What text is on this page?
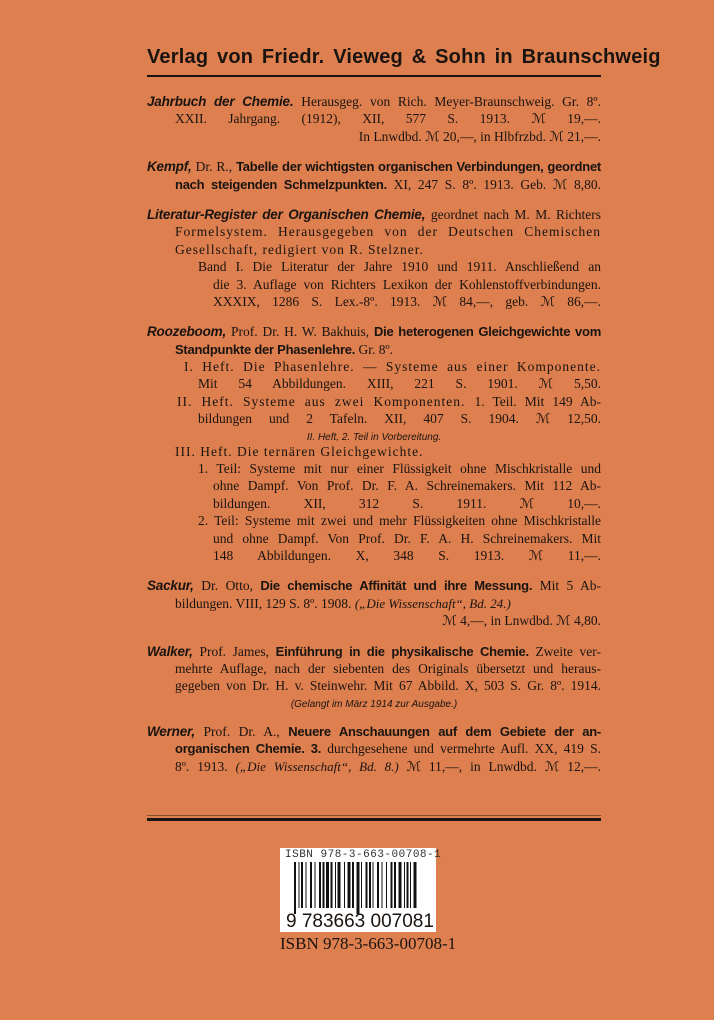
Verlag von Friedr. Vieweg & Sohn in Braunschweig
Jahrbuch der Chemie. Herausgeg. von Rich. Meyer-Braunschweig. Gr. 8º.
XXII. Jahrgang. (1912), XII, 577 S. 1913. ℳ 19,—.
In Lnwdbd. ℳ 20,—, in Hlbfrzbd. ℳ 21,—.
Kempf, Dr. R., Tabelle der wichtigsten organischen Verbindungen, geordnet
nach steigenden Schmelzpunkten. XI, 247 S. 8º. 1913. Geb. ℳ 8,80.
Literatur-Register der Organischen Chemie, geordnet nach M. M. Richters
Formelsystem. Herausgegeben von der Deutschen Chemischen
Gesellschaft, redigiert von R. Stelzner.
Band I. Die Literatur der Jahre 1910 und 1911. Anschließend an
die 3. Auflage von Richters Lexikon der Kohlenstoffverbindungen.
XXXIX, 1286 S. Lex.-8º. 1913. ℳ 84,—, geb. ℳ 86,—.
Roozeboom, Prof. Dr. H. W. Bakhuis, Die heterogenen Gleichgewichte vom
Standpunkte der Phasenlehre. Gr. 8º.
I. Heft. Die Phasenlehre. — Systeme aus einer Komponente.
Mit 54 Abbildungen. XIII, 221 S. 1901. ℳ 5,50.
II. Heft. Systeme aus zwei Komponenten. 1. Teil. Mit 149 Ab-
bildungen und 2 Tafeln. XII, 407 S. 1904. ℳ 12,50.
II. Heft, 2. Teil in Vorbereitung.
III. Heft. Die ternären Gleichgewichte.
1. Teil: Systeme mit nur einer Flüssigkeit ohne Mischkristalle und
ohne Dampf. Von Prof. Dr. F. A. Schreinemakers. Mit 112 Ab-
bildungen. XII, 312 S. 1911. ℳ 10,—.
2. Teil: Systeme mit zwei und mehr Flüssigkeiten ohne Mischkristalle
und ohne Dampf. Von Prof. Dr. F. A. H. Schreinemakers. Mit
148 Abbildungen. X, 348 S. 1913. ℳ 11,—.
Sackur, Dr. Otto, Die chemische Affinität und ihre Messung. Mit 5 Ab-
bildungen. VIII, 129 S. 8º. 1908. („Die Wissenschaft“, Bd. 24.)
ℳ 4,—, in Lnwdbd. ℳ 4,80.
Walker, Prof. James, Einführung in die physikalische Chemie. Zweite ver-
mehrte Auflage, nach der siebenten des Originals übersetzt und heraus-
gegeben von Dr. H. v. Steinwehr. Mit 67 Abbild. X, 503 S. Gr. 8º. 1914.
(Gelangt im März 1914 zur Ausgabe.)
Werner, Prof. Dr. A., Neuere Anschauungen auf dem Gebiete der an-
organischen Chemie. 3. durchgesehene und vermehrte Aufl. XX, 419 S.
8º. 1913. („Die Wissenschaft“, Bd. 8.) ℳ 11,—, in Lnwdbd. ℳ 12,—.
ISBN 978-3-663-00708-1
9 783663 007081
ISBN 978-3-663-00708-1
